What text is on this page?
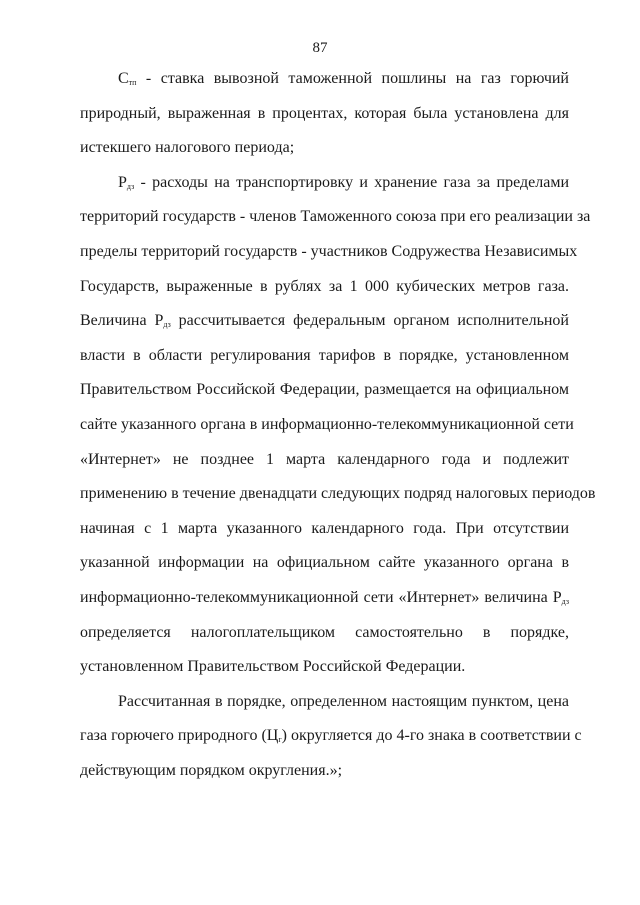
87
$С_{тп}$ - ставка вывозной таможенной пошлины на газ горючий
природный, выраженная в процентах, которая была установлена для
истекшего налогового периода;
$Р_{дз}$ - расходы на транспортировку и хранение газа за пределами
территорий государств - членов Таможенного союза при его реализации за
пределы территорий государств - участников Содружества Независимых
Государств, выраженные в рублях за 1 000 кубических метров газа.
Величина $Р_{дз}$ рассчитывается федеральным органом исполнительной
власти в области регулирования тарифов в порядке, установленном
Правительством Российской Федерации, размещается на официальном
сайте указанного органа в информационно-телекоммуникационной сети
«Интернет» не позднее 1 марта календарного года и подлежит
применению в течение двенадцати следующих подряд налоговых периодов
начиная с 1 марта указанного календарного года. При отсутствии
указанной информации на официальном сайте указанного органа в
информационно-телекоммуникационной сети «Интернет» величина $Р_{дз}$
определяется налогоплательщиком самостоятельно в порядке,
установленном Правительством Российской Федерации.
Рассчитанная в порядке, определенном настоящим пунктом, цена
газа горючего природного $(Ц_г)$ округляется до 4-го знака в соответствии с
действующим порядком округления.»;
